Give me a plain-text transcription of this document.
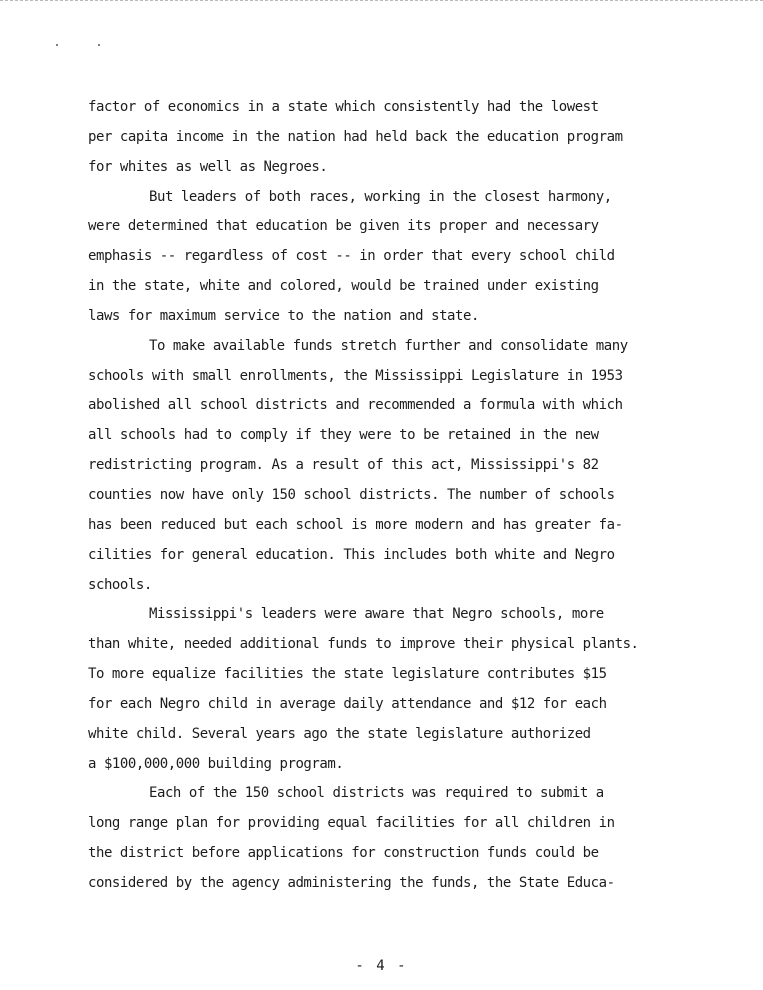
factor of economics in a state which consistently had the lowest
per capita income in the nation had held back the education program
for whites as well as Negroes.
But leaders of both races, working in the closest harmony,
were determined that education be given its proper and necessary
emphasis -- regardless of cost -- in order that every school child
in the state, white and colored, would be trained under existing
laws for maximum service to the nation and state.
To make available funds stretch further and consolidate many
schools with small enrollments, the Mississippi Legislature in 1953
abolished all school districts and recommended a formula with which
all schools had to comply if they were to be retained in the new
redistricting program. As a result of this act, Mississippi's 82
counties now have only 150 school districts. The number of schools
has been reduced but each school is more modern and has greater fa-
cilities for general education. This includes both white and Negro
schools.
Mississippi's leaders were aware that Negro schools, more
than white, needed additional funds to improve their physical plants.
To more equalize facilities the state legislature contributes $15
for each Negro child in average daily attendance and $12 for each
white child. Several years ago the state legislature authorized
a $100,000,000 building program.
Each of the 150 school districts was required to submit a
long range plan for providing equal facilities for all children in
the district before applications for construction funds could be
considered by the agency administering the funds, the State Educa-
- 4 -
